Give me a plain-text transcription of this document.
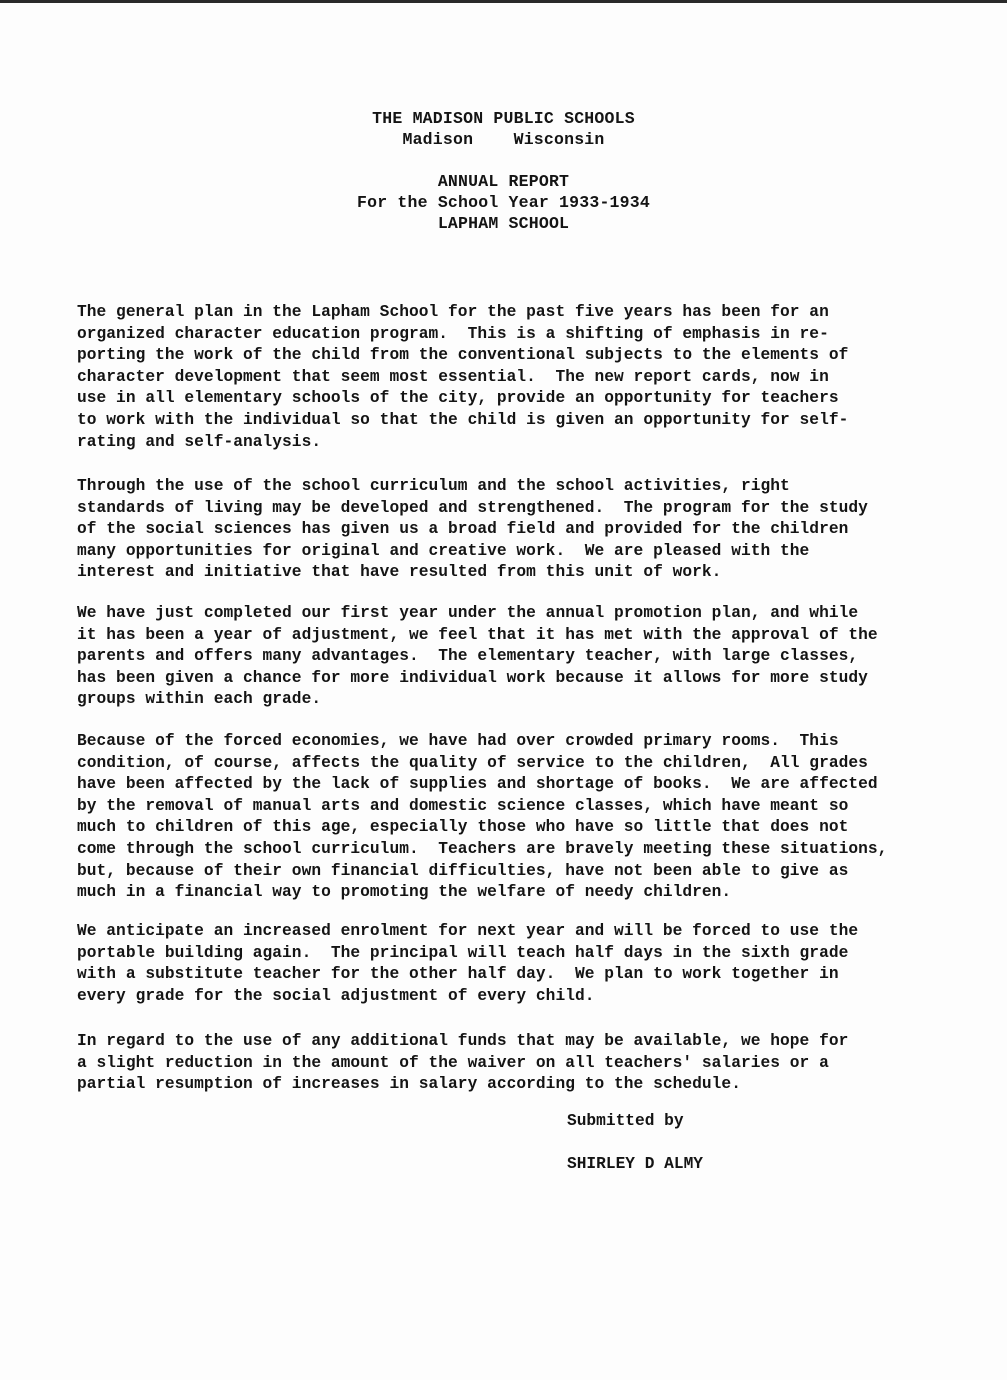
THE MADISON PUBLIC SCHOOLS
Madison    Wisconsin
ANNUAL REPORT
For the School Year 1933-1934
LAPHAM SCHOOL
The general plan in the Lapham School for the past five years has been for an
organized character education program.  This is a shifting of emphasis in re-
porting the work of the child from the conventional subjects to the elements of
character development that seem most essential.  The new report cards, now in
use in all elementary schools of the city, provide an opportunity for teachers
to work with the individual so that the child is given an opportunity for self-
rating and self-analysis.
Through the use of the school curriculum and the school activities, right
standards of living may be developed and strengthened.  The program for the study
of the social sciences has given us a broad field and provided for the children
many opportunities for original and creative work.  We are pleased with the
interest and initiative that have resulted from this unit of work.
We have just completed our first year under the annual promotion plan, and while
it has been a year of adjustment, we feel that it has met with the approval of the
parents and offers many advantages.  The elementary teacher, with large classes,
has been given a chance for more individual work because it allows for more study
groups within each grade.
Because of the forced economies, we have had over crowded primary rooms.  This
condition, of course, affects the quality of service to the children,  All grades
have been affected by the lack of supplies and shortage of books.  We are affected
by the removal of manual arts and domestic science classes, which have meant so
much to children of this age, especially those who have so little that does not
come through the school curriculum.  Teachers are bravely meeting these situations,
but, because of their own financial difficulties, have not been able to give as
much in a financial way to promoting the welfare of needy children.
We anticipate an increased enrolment for next year and will be forced to use the
portable building again.  The principal will teach half days in the sixth grade
with a substitute teacher for the other half day.  We plan to work together in
every grade for the social adjustment of every child.
In regard to the use of any additional funds that may be available, we hope for
a slight reduction in the amount of the waiver on all teachers' salaries or a
partial resumption of increases in salary according to the schedule.
Submitted by
SHIRLEY D ALMY
